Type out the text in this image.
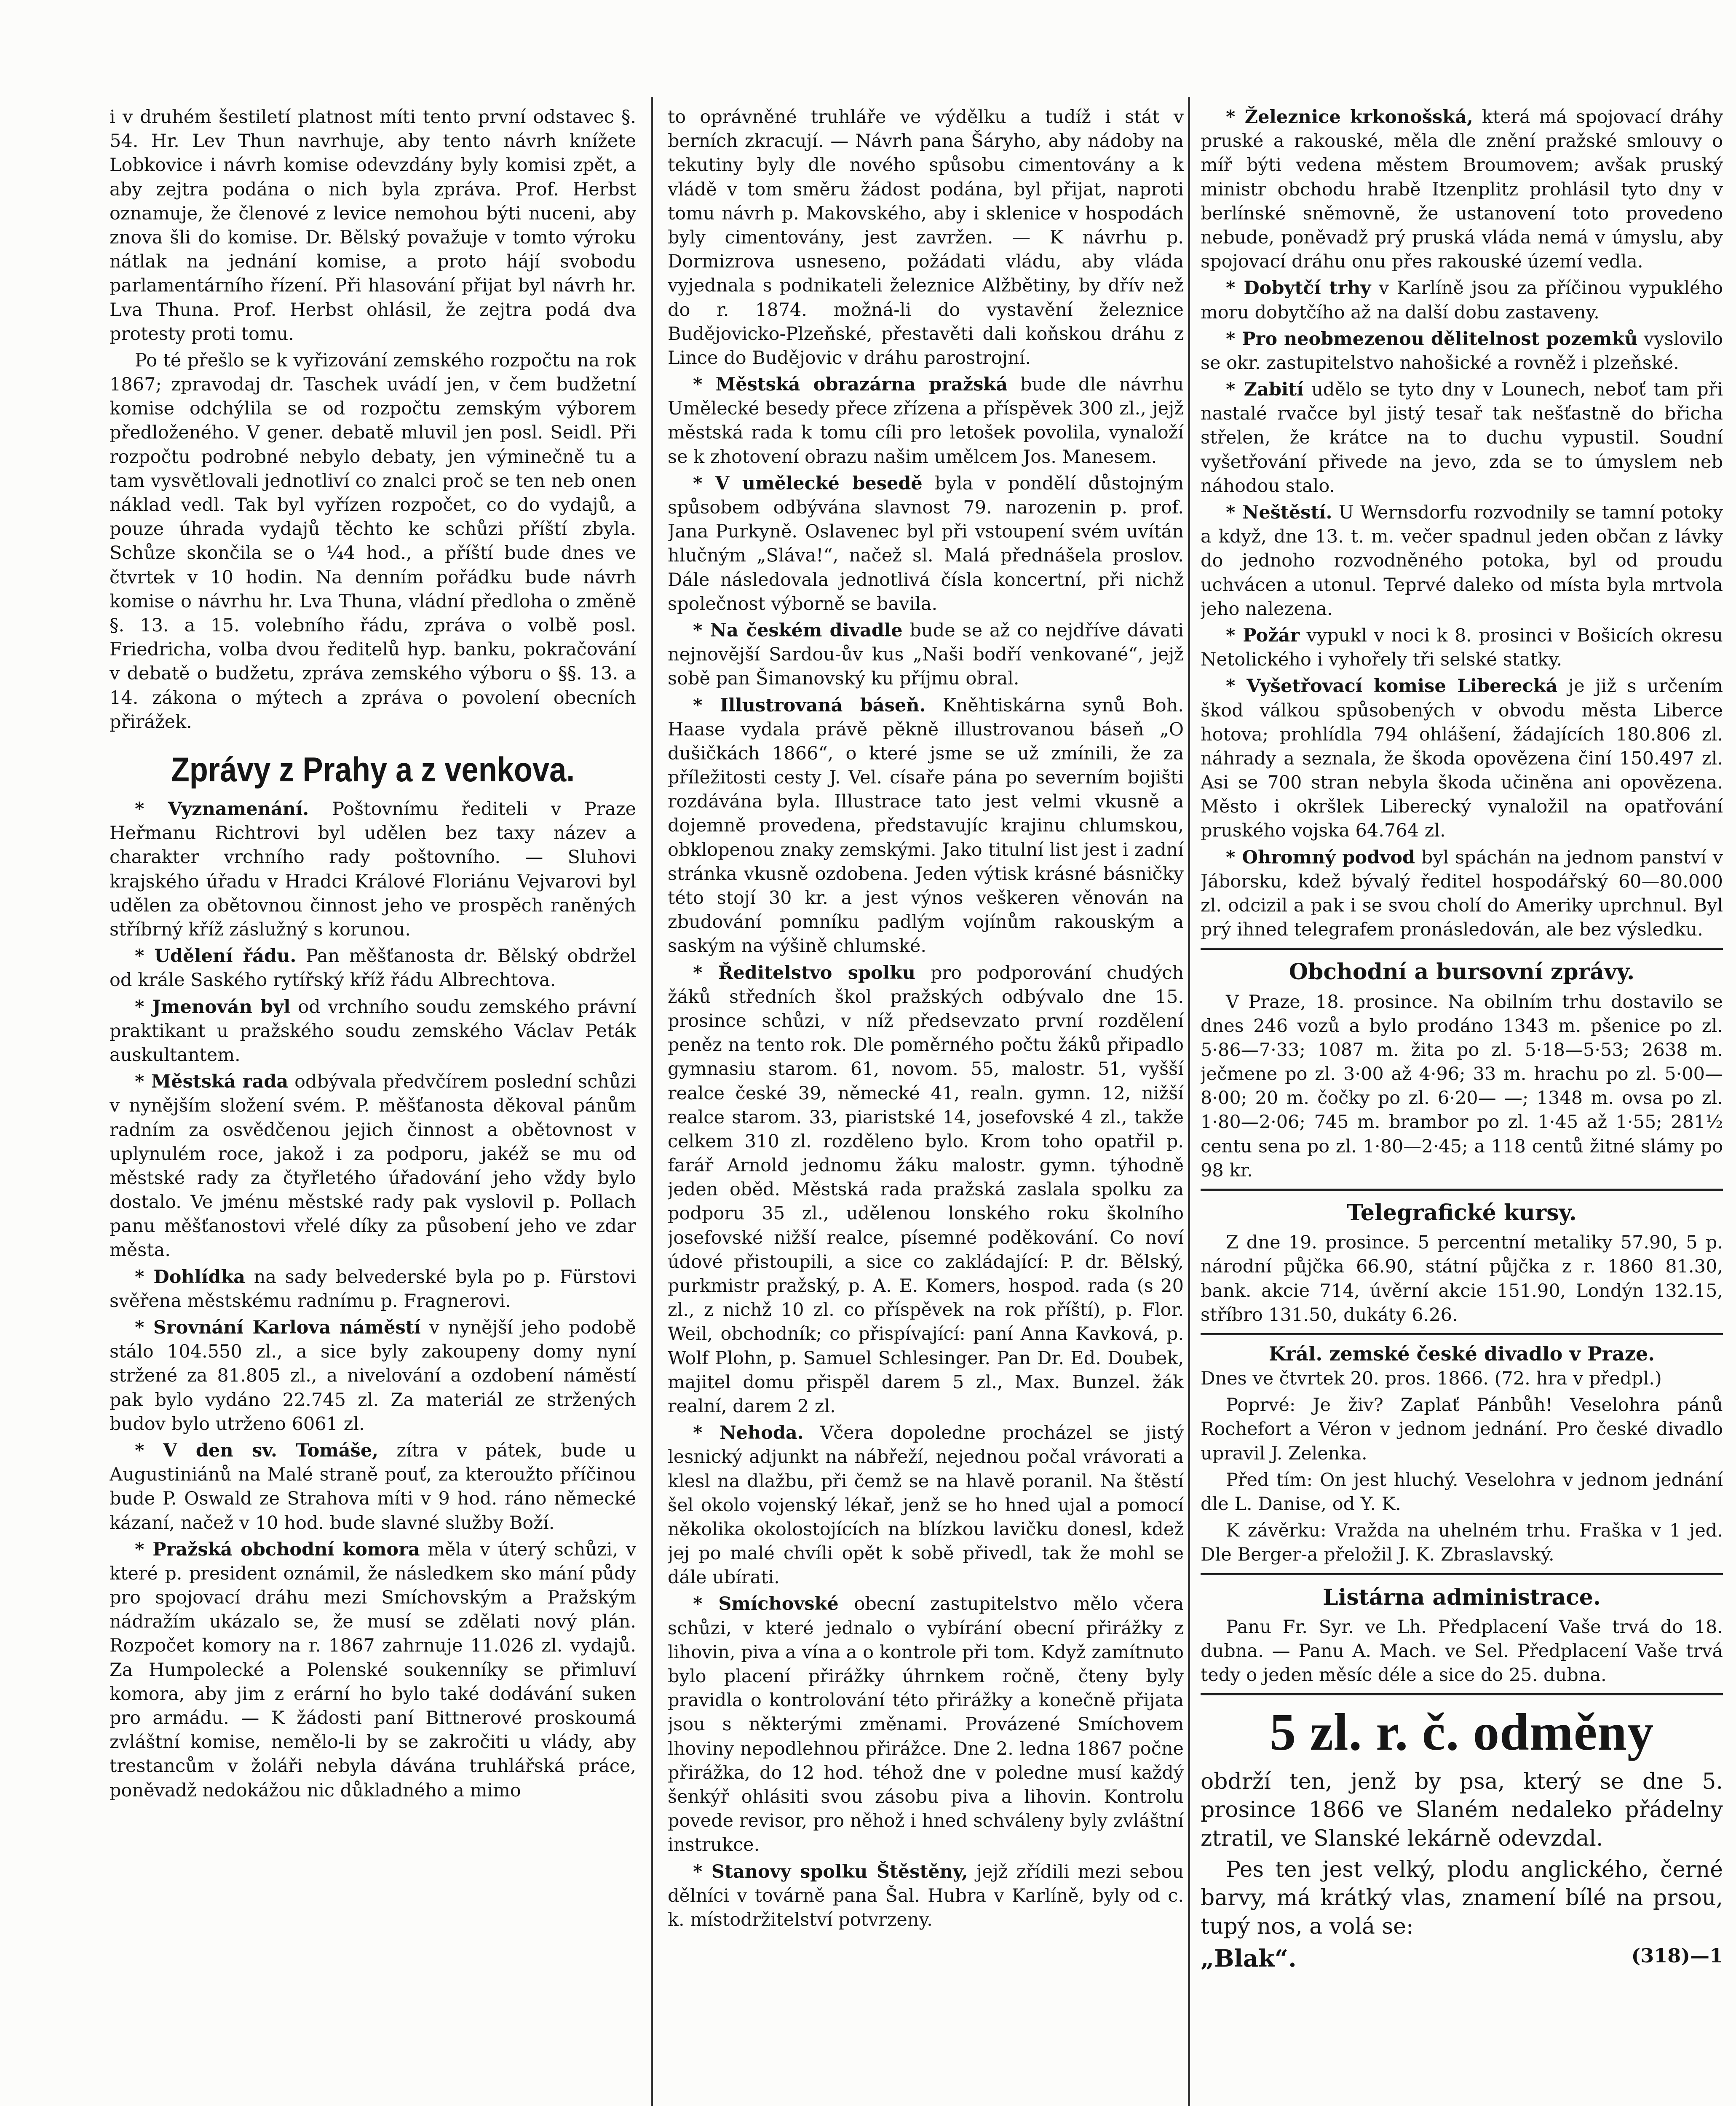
i v druhém šestiletí platnost míti tento první odstavec §. 54. Hr. Lev Thun navrhuje, aby tento návrh knížete Lobkovice i návrh komise odevzdány byly komisi zpět, a aby zejtra podána o nich byla zpráva. Prof. Herbst oznamuje, že členové z levice nemohou býti nuceni, aby znova šli do komise. Dr. Bělský považuje v tomto výroku nátlak na jednání komise, a proto hájí svobodu parlamentárního řízení. Při hlasování přijat byl návrh hr. Lva Thuna. Prof. Herbst ohlásil, že zejtra podá dva protesty proti tomu.

Po té přešlo se k vyřizování zemského rozpočtu na rok 1867; zpravodaj dr. Taschek uvádí jen, v čem budžetní komise odchýlila se od rozpočtu zemským výborem předloženého. V gener. debatě mluvil jen posl. Seidl. Při rozpočtu podrobné nebylo debaty, jen výminečně tu a tam vysvětlovali jednotliví co znalci proč se ten neb onen náklad vedl. Tak byl vyřízen rozpočet, co do vydajů, a pouze úhrada vydajů těchto ke schůzi příští zbyla. Schůze skončila se o ¼4 hod., a příští bude dnes ve čtvrtek v 10 hodin. Na denním pořádku bude návrh komise o návrhu hr. Lva Thuna, vládní předloha o změně §. 13. a 15. volebního řádu, zpráva o volbě posl. Friedricha, volba dvou ředitelů hyp. banku, pokračování v debatě o budžetu, zpráva zemského výboru o §§. 13. a 14. zákona o mýtech a zpráva o povolení obecních přirážek.

Zprávy z Prahy a z venkova.

* Vyznamenání. Poštovnímu řediteli v Praze Heřmanu Richtrovi byl udělen bez taxy název a charakter vrchního rady poštovního. — Sluhovi krajského úřadu v Hradci Králové Floriánu Vejvarovi byl udělen za obětovnou činnost jeho ve prospěch raněných stříbrný kříž záslužný s korunou.

* Udělení řádu. Pan měšťanosta dr. Bělský obdržel od krále Saského rytířský kříž řádu Albrechtova.

* Jmenován byl od vrchního soudu zemského právní praktikant u pražského soudu zemského Václav Peták auskultantem.

* Městská rada odbývala předvčírem poslední schůzi v nynějším složení svém. P. měšťanosta děkoval pánům radním za osvědčenou jejich činnost a obětovnost v uplynulém roce, jakož i za podporu, jakéž se mu od městské rady za čtyřletého úřadování jeho vždy bylo dostalo. Ve jménu městské rady pak vyslovil p. Pollach panu měšťanostovi vřelé díky za působení jeho ve zdar města.

* Dohlídka na sady belvederské byla po p. Fürstovi svěřena městskému radnímu p. Fragnerovi.

* Srovnání Karlova náměstí v nynější jeho podobě stálo 104.550 zl., a sice byly zakoupeny domy nyní stržené za 81.805 zl., a nivelování a ozdobení náměstí pak bylo vydáno 22.745 zl. Za materiál ze stržených budov bylo utrženo 6061 zl.

* V den sv. Tomáše, zítra v pátek, bude u Augustiniánů na Malé straně pouť, za kteroužto příčinou bude P. Oswald ze Strahova míti v 9 hod. ráno německé kázaní, načež v 10 hod. bude slavné služby Boží.

* Pražská obchodní komora měla v úterý schůzi, v které p. president oznámil, že následkem sko mání půdy pro spojovací dráhu mezi Smíchovským a Pražským nádražím ukázalo se, že musí se zdělati nový plán. Rozpočet komory na r. 1867 zahrnuje 11.026 zl. vydajů. Za Humpolecké a Polenské soukenníky se přimluví komora, aby jim z erární ho bylo také dodávání suken pro armádu. — K žádosti paní Bittnerové proskoumá zvláštní komise, nemělo-li by se zakročiti u vlády, aby trestancům v žoláři nebyla dávána truhlářská práce, poněvadž nedokážou nic důkladného a mimo

to oprávněné truhláře ve výdělku a tudíž i stát v berních zkracují. — Návrh pana Šáryho, aby nádoby na tekutiny byly dle nového spůsobu cimentovány a k vládě v tom směru žádost podána, byl přijat, naproti tomu návrh p. Makovského, aby i sklenice v hospodách byly cimentovány, jest zavržen. — K návrhu p. Dormizrova usneseno, požádati vládu, aby vláda vyjednala s podnikateli železnice Alžbětiny, by dřív než do r. 1874. možná-li do vystavění železnice Budějovicko-Plzeňské, přestavěti dali koňskou dráhu z Lince do Budějovic v dráhu parostrojní.

* Městská obrazárna pražská bude dle návrhu Umělecké besedy přece zřízena a příspěvek 300 zl., jejž městská rada k tomu cíli pro letošek povolila, vynaloží se k zhotovení obrazu našim umělcem Jos. Manesem.

* V umělecké besedě byla v pondělí důstojným spůsobem odbývána slavnost 79. narozenin p. prof. Jana Purkyně. Oslavenec byl při vstoupení svém uvítán hlučným „Sláva!“, načež sl. Malá přednášela proslov. Dále následovala jednotlivá čísla koncertní, při nichž společnost výborně se bavila.

* Na českém divadle bude se až co nejdříve dávati nejnovější Sardou-ův kus „Naši bodří venkované“, jejž sobě pan Šimanovský ku příjmu obral.

* Illustrovaná báseň. Kněhtiskárna synů Boh. Haase vydala právě pěkně illustrovanou báseň „O dušičkách 1866“, o které jsme se už zmínili, že za příležitosti cesty J. Vel. císaře pána po severním bojišti rozdávána byla. Illustrace tato jest velmi vkusně a dojemně provedena, představujíc krajinu chlumskou, obklopenou znaky zemskými. Jako titulní list jest i zadní stránka vkusně ozdobena. Jeden výtisk krásné básničky této stojí 30 kr. a jest výnos veškeren věnován na zbudování pomníku padlým vojínům rakouským a saským na výšině chlumské.

* Ředitelstvo spolku pro podporování chudých žáků středních škol pražských odbývalo dne 15. prosince schůzi, v níž předsevzato první rozdělení peněz na tento rok. Dle poměrného počtu žáků připadlo gymnasiu starom. 61, novom. 55, malostr. 51, vyšší realce české 39, německé 41, realn. gymn. 12, nižší realce starom. 33, piaristské 14, josefovské 4 zl., takže celkem 310 zl. rozděleno bylo. Krom toho opatřil p. farář Arnold jednomu žáku malostr. gymn. týhodně jeden oběd. Městská rada pražská zaslala spolku za podporu 35 zl., udělenou lonského roku školního josefovské nižší realce, písemné poděkování. Co noví údové přistoupili, a sice co zakládající: P. dr. Bělský, purkmistr pražský, p. A. E. Komers, hospod. rada (s 20 zl., z nichž 10 zl. co příspěvek na rok příští), p. Flor. Weil, obchodník; co přispívající: paní Anna Kavková, p. Wolf Plohn, p. Samuel Schlesinger. Pan Dr. Ed. Doubek, majitel domu přispěl darem 5 zl., Max. Bunzel. žák realní, darem 2 zl.

* Nehoda. Včera dopoledne procházel se jistý lesnický adjunkt na nábřeží, nejednou počal vrávorati a klesl na dlažbu, při čemž se na hlavě poranil. Na štěstí šel okolo vojenský lékař, jenž se ho hned ujal a pomocí několika okolostojících na blízkou lavičku donesl, kdež jej po malé chvíli opět k sobě přivedl, tak že mohl se dále ubírati.

* Smíchovské obecní zastupitelstvo mělo včera schůzi, v které jednalo o vybírání obecní přirážky z lihovin, piva a vína a o kontrole při tom. Když zamítnuto bylo placení přirážky úhrnkem ročně, čteny byly pravidla o kontrolování této přirážky a konečně přijata jsou s některými změnami. Provázené Smíchovem lhoviny nepodlehnou přirážce. Dne 2. ledna 1867 počne přirážka, do 12 hod. téhož dne v poledne musí každý šenkýř ohlásiti svou zásobu piva a lihovin. Kontrolu povede revisor, pro něhož i hned schváleny byly zvláštní instrukce.

* Stanovy spolku Štěstěny, jejž zřídili mezi sebou dělníci v továrně pana Šal. Hubra v Karlíně, byly od c. k. místodržitelství potvrzeny.

* Železnice krkonošská, která má spojovací dráhy pruské a rakouské, měla dle znění pražské smlouvy o míř býti vedena městem Broumovem; avšak pruský ministr obchodu hrabě Itzenplitz prohlásil tyto dny v berlínské sněmovně, že ustanovení toto provedeno nebude, poněvadž prý pruská vláda nemá v úmyslu, aby spojovací dráhu onu přes rakouské území vedla.

* Dobytčí trhy v Karlíně jsou za příčinou vypuklého moru dobytčího až na další dobu zastaveny.

* Pro neobmezenou dělitelnost pozemků vyslovilo se okr. zastupitelstvo nahošické a rovněž i plzeňské.

* Zabití udělo se tyto dny v Lounech, neboť tam při nastalé rvačce byl jistý tesař tak nešťastně do břicha střelen, že krátce na to duchu vypustil. Soudní vyšetřování přivede na jevo, zda se to úmyslem neb náhodou stalo.

* Neštěstí. U Wernsdorfu rozvodnily se tamní potoky a když, dne 13. t. m. večer spadnul jeden občan z lávky do jednoho rozvodněného potoka, byl od proudu uchvácen a utonul. Teprvé daleko od místa byla mrtvola jeho nalezena.

* Požár vypukl v noci k 8. prosinci v Bošicích okresu Netolického i vyhořely tři selské statky.

* Vyšetřovací komise Liberecká je již s určením škod válkou spůsobených v obvodu města Liberce hotova; prohlídla 794 ohlášení, žádajících 180.806 zl. náhrady a seznala, že škoda opovězena činí 150.497 zl. Asi se 700 stran nebyla škoda učiněna ani opovězena. Město i okršlek Liberecký vynaložil na opatřování pruského vojska 64.764 zl.

* Ohromný podvod byl spáchán na jednom panství v Jáborsku, kdež bývalý ředitel hospodářský 60—80.000 zl. odcizil a pak i se svou cholí do Ameriky uprchnul. Byl prý ihned telegrafem pronásledován, ale bez výsledku.

Obchodní a bursovní zprávy.

V Praze, 18. prosince. Na obilním trhu dostavilo se dnes 246 vozů a bylo prodáno 1343 m. pšenice po zl. 5·86—7·33; 1087 m. žita po zl. 5·18—5·53; 2638 m. ječmene po zl. 3·00 až 4·96; 33 m. hrachu po zl. 5·00—8·00; 20 m. čočky po zl. 6·20— —; 1348 m. ovsa po zl. 1·80—2·06; 745 m. brambor po zl. 1·45 až 1·55; 281½ centu sena po zl. 1·80—2·45; a 118 centů žitné slámy po 98 kr.

Telegrafické kursy.

Z dne 19. prosince. 5 percentní metaliky 57.90, 5 p. národní půjčka 66.90, státní půjčka z r. 1860 81.30, bank. akcie 714, úvěrní akcie 151.90, Londýn 132.15, stříbro 131.50, dukáty 6.26.

Král. zemské české divadlo v Praze.

Dnes ve čtvrtek 20. pros. 1866. (72. hra v předpl.)

Poprvé: Je živ? Zaplať Pánbůh! Veselohra pánů Rochefort a Véron v jednom jednání. Pro české divadlo upravil J. Zelenka.

Před tím: On jest hluchý. Veselohra v jednom jednání dle L. Danise, od Y. K.

K závěrku: Vražda na uhelném trhu. Fraška v 1 jed. Dle Berger-a přeložil J. K. Zbraslavský.

Listárna administrace.

Panu Fr. Syr. ve Lh. Předplacení Vaše trvá do 18. dubna. — Panu A. Mach. ve Sel. Předplacení Vaše trvá tedy o jeden měsíc déle a sice do 25. dubna.

5 zl. r. č. odměny

obdrží ten, jenž by psa, který se dne 5. prosince 1866 ve Slaném nedaleko přádelny ztratil, ve Slanské lekárně odevzdal.

Pes ten jest velký, plodu anglického, černé barvy, má krátký vlas, znamení bílé na prsou, tupý nos, a volá se:

„Blak“.	(318)—1
